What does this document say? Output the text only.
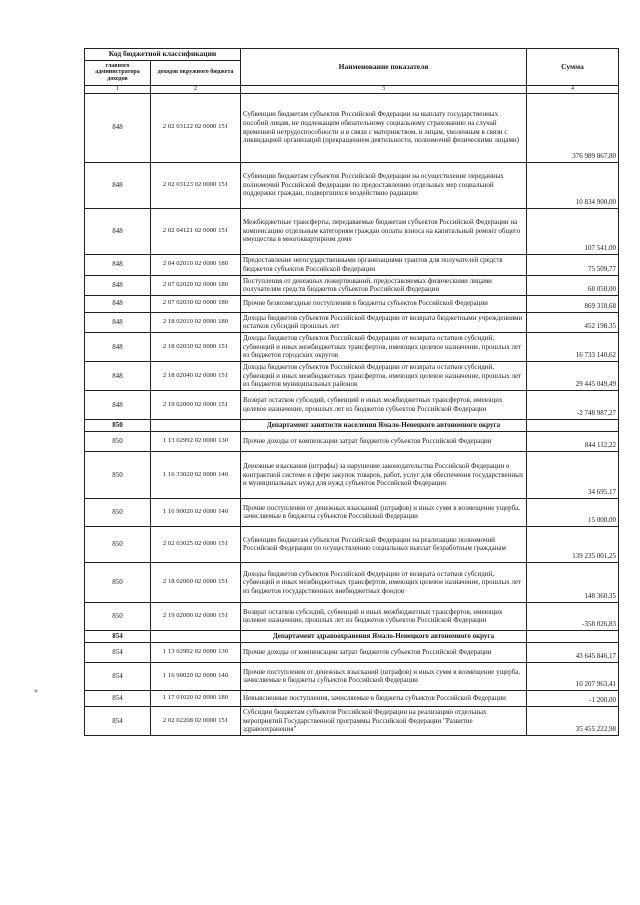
Код бюджетной классификации		Наименование показателя	Сумма
главного администратора доходов	доходов окружного бюджета		
1	2	3	4
848	2 02 03122 02 0000 151	Субвенции бюджетам субъектов Российской Федерации на выплату государственных пособий лицам, не подлежащим обязательному социальному страхованию на случай временной нетрудоспособности и в связи с материнством, и лицам, уволенным в связи с ликвидацией организаций (прекращением деятельности, полномочий физическими лицами)	376 989 867,80
848	2 02 03123 02 0000 151	Субвенции бюджетам субъектов Российской Федерации на осуществление переданных полномочий Российской Федерации по предоставлению отдельных мер социальной поддержки граждан, подвергшихся воздействию радиации	10 834 900,00
848	2 02 04121 02 0000 151	Межбюджетные трансферты, передаваемые бюджетам субъектов Российской Федерации на компенсацию отдельным категориям граждан оплаты взноса на капитальный ремонт общего имущества в многоквартирном доме	107 541,00
848	2 04 02010 02 0000 180	Предоставление негосударственными организациями грантов для получателей средств бюджетов субъектов Российской Федерации	75 509,77
848	2 07 02020 02 0000 180	Поступления от денежных пожертвований, предоставляемых физическими лицами получателям средств бюджетов субъектов Российской Федерации	68 050,00
848	2 07 02030 02 0000 180	Прочие безвозмездные поступления в бюджеты субъектов Российской Федерации	869 318,68
848	2 18 02010 02 0000 180	Доходы бюджетов субъектов Российской Федерации от возврата бюджетными учреждениями остатков субсидий прошлых лет	452 198,35
848	2 18 02030 02 0000 151	Доходы бюджетов субъектов Российской Федерации от возврата остатков субсидий, субвенций и иных межбюджетных трансфертов, имеющих целевое назначение, прошлых лет из бюджетов городских округов	16 733 140,62
848	2 18 02040 02 0000 151	Доходы бюджетов субъектов Российской Федерации от возврата остатков субсидий, субвенций и иных межбюджетных трансфертов, имеющих целевое назначение, прошлых лет из бюджетов муниципальных районов	29 445 049,49
848	2 19 02000 02 0000 151	Возврат остатков субсидий, субвенций и иных межбюджетных трансфертов, имеющих целевое назначение, прошлых лет из бюджетов субъектов Российской Федерации	-2 748 987,27
850		Департамент занятости населения Ямало-Ненецкого автономного округа	
850	1 13 02992 02 0000 130	Прочие доходы от компенсации затрат бюджетов субъектов Российской Федерации	844 112,22
850	1 16 33020 02 0000 140	Денежные взыскания (штрафы) за нарушение законодательства Российской Федерации о контрактной системе в сфере закупок товаров, работ, услуг для обеспечения государственных и муниципальных нужд для нужд субъектов Российской Федерации	34 695,17
850	1 16 90020 02 0000 140	Прочие поступления от денежных взысканий (штрафов) и иных сумм в возмещение ущерба, зачисляемые в бюджеты субъектов Российской Федерации	15 000,00
850	2 02 03025 02 0000 151	Субвенции бюджетам субъектов Российской Федерации на реализацию полномочий Российской Федерации по осуществлению социальных выплат безработным гражданам	139 235 001,25
850	2 18 02060 02 0000 151	Доходы бюджетов субъектов Российской Федерации от возврата остатков субсидий, субвенций и иных межбюджетных трансфертов, имеющих целевое назначение, прошлых лет из бюджетов государственных внебюджетных фондов	148 360,35
850	2 19 02000 02 0000 151	Возврат остатков субсидий, субвенций и иных межбюджетных трансфертов, имеющих целевое назначение, прошлых лет из бюджетов субъектов Российской Федерации	-358 026,83
854		Департамент здравоохранения Ямало-Ненецкого автономного округа	
854	1 13 02992 02 0000 130	Прочие доходы от компенсации затрат бюджетов субъектов Российской Федерации	43 645 846,17
854	1 16 90020 02 0000 140	Прочие поступления от денежных взысканий (штрафов) и иных сумм в возмещение ущерба, зачисляемые в бюджеты субъектов Российской Федерации	10 207 963,41
854	1 17 01020 02 0000 180	Невыясненные поступления, зачисляемые в бюджеты субъектов Российской Федерации	-1 200,00
854	2 02 02208 02 0000 151	Субсидии бюджетам субъектов Российской Федерации на реализацию отдельных мероприятий Государственной программы Российской Федерации "Развитие здравоохранения"	35 455 222,98
«
